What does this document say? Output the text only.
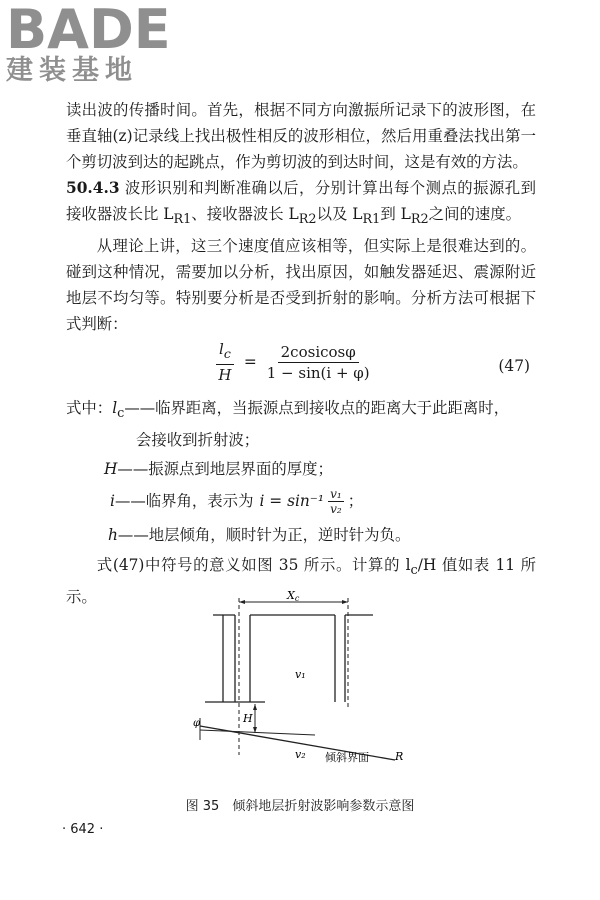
BADE
建装基地

读出波的传播时间。首先，根据不同方向激振所记录下的波形图，在垂直轴(z)记录线上找出极性相反的波形相位，然后用重叠法找出第一个剪切波到达的起跳点，作为剪切波的到达时间，这是有效的方法。

50.4.3 波形识别和判断准确以后，分别计算出每个测点的振源孔到接收器波长比 $L_{R1}$、接收器波长 $L_{R2}$以及 $L_{R1}$到 $L_{R2}$之间的速度。

从理论上讲，这三个速度值应该相等，但实际上是很难达到的。碰到这种情况，需要加以分析，找出原因，如触发器延迟、震源附近地层不均匀等。特别要分析是否受到折射的影响。分析方法可根据下式判断：

$\frac{l_c}{H} = \frac{\text{2cosicosφ}}{1 - \sin(i + \varphi)}$	(47)
式中：$l_c——$临界距离，当振源点到接收点的距离大于此距离时，
会接收到折射波；
H——振源点到地层界面的厚度；
i ——临界角，表示为 $i = \sin^{-1} \frac{\text{v₁}}{\text{v₂}}$ ；
h——地层倾角，顺时针为正，逆时针为负。

式(47)中符号的意义如图 35 所示。计算的 $l_c/H$ 值如表 11 所示。	Xc
H
φ
v₁
v₂ 倾斜界面 R
图 35　倾斜地层折射波影响参数示意图
· 642 ·
